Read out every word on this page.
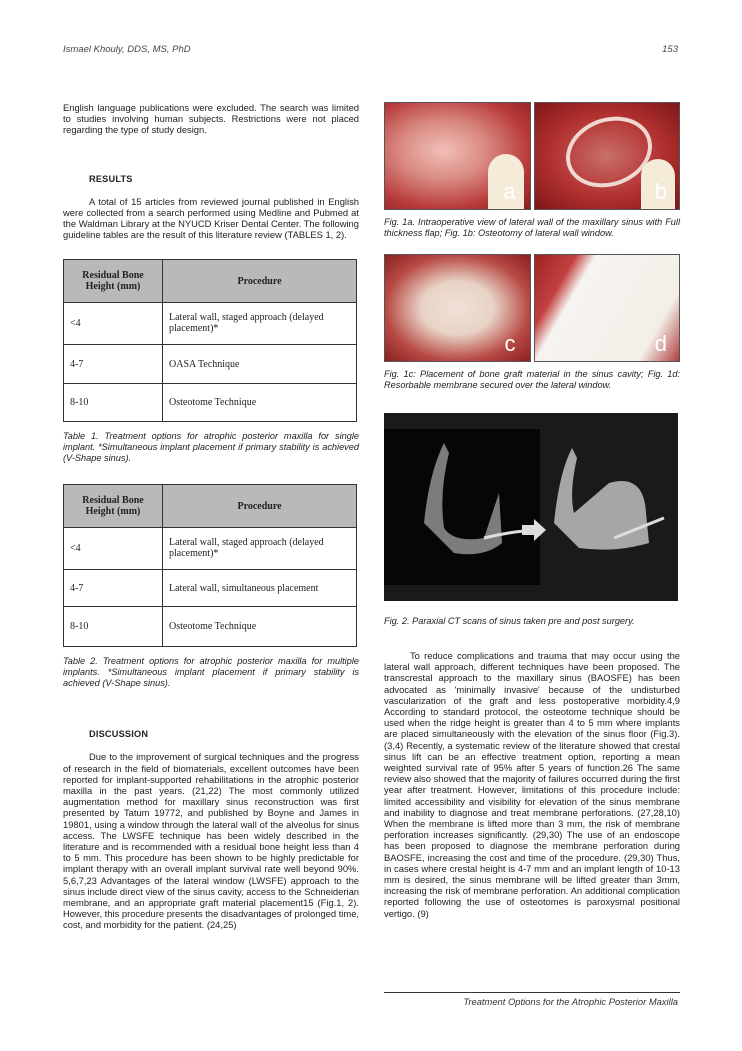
Ismael Khouly, DDS, MS, PhD	153

English language publications were excluded. The search was limited to studies involving human subjects. Restrictions were not placed regarding the type of study design.

RESULTS

A total of 15 articles from reviewed journal published in English were collected from a search performed using Medline and Pubmed at the Waldman Library at the NYUCD Kriser Dental Center. The following guideline tables are the result of this literature review (TABLES 1, 2).

Residual Bone Height (mm)	Procedure
<4	Lateral wall, staged approach (delayed placement)*
4-7	OASA Technique
8-10	Osteotome Technique

Table 1. Treatment options for atrophic posterior maxilla for single implant. *Simultaneous implant placement if primary stability is achieved (V-Shape sinus).

Residual Bone Height (mm)	Procedure
<4	Lateral wall, staged approach (delayed placement)*
4-7	Lateral wall, simultaneous placement
8-10	Osteotome Technique

Table 2. Treatment options for atrophic posterior maxilla for multiple implants. *Simultaneous implant placement if primary stability is achieved (V-Shape sinus).

DISCUSSION

Due to the improvement of surgical techniques and the progress of research in the field of biomaterials, excellent outcomes have been reported for implant-supported rehabilitations in the atrophic posterior maxilla in the past years. (21,22) The most commonly utilized augmentation method for maxillary sinus reconstruction was first presented by Tatum 19772, and published by Boyne and James in 19801, using a window through the lateral wall of the alveolus for sinus access. The LWSFE technique has been widely described in the literature and is recommended with a residual bone height less than 4 to 5 mm. This procedure has been shown to be highly predictable for implant therapy with an overall implant survival rate well beyond 90%. 5,6,7,23 Advantages of the lateral window (LWSFE) approach to the sinus include direct view of the sinus cavity, access to the Schneiderian membrane, and an appropriate graft material placement15 (Fig.1, 2). However, this procedure presents the disadvantages of prolonged time, cost, and morbidity for the patient. (24,25)

a	b

Fig. 1a. Intraoperative view of lateral wall of the maxillary sinus with Full thickness flap; Fig. 1b: Osteotomy of lateral wall window.

c	d

Fig. 1c: Placement of bone graft material in the sinus cavity; Fig. 1d: Resorbable membrane secured over the lateral window.

Fig. 2. Paraxial CT scans of sinus taken pre and post surgery.

To reduce complications and trauma that may occur using the lateral wall approach, different techniques have been proposed. The transcrestal approach to the maxillary sinus (BAOSFE) has been advocated as 'minimally invasive' because of the undisturbed vascularization of the graft and less postoperative morbidity.4,9 According to standard protocol, the osteotome technique should be used when the ridge height is greater than 4 to 5 mm where implants are placed simultaneously with the elevation of the sinus floor (Fig.3). (3,4) Recently, a systematic review of the literature showed that crestal sinus lift can be an effective treatment option, reporting a mean weighted survival rate of 95% after 5 years of function.26 The same review also showed that the majority of failures occurred during the first year after treatment. However, limitations of this procedure include: limited accessibility and visibility for elevation of the sinus membrane and inability to diagnose and treat membrane perforations. (27,28,10) When the membrane is lifted more than 3 mm, the risk of membrane perforation increases significantly. (29,30) The use of an endoscope has been proposed to diagnose the membrane perforation during BAOSFE, increasing the cost and time of the procedure. (29,30) Thus, in cases where crestal height is 4-7 mm and an implant length of 10-13 mm is desired, the sinus membrane will be lifted greater than 3mm, increasing the risk of membrane perforation. An additional complication reported following the use of osteotomes is paroxysmal positional vertigo. (9)

Treatment Options for the Atrophic Posterior Maxilla
